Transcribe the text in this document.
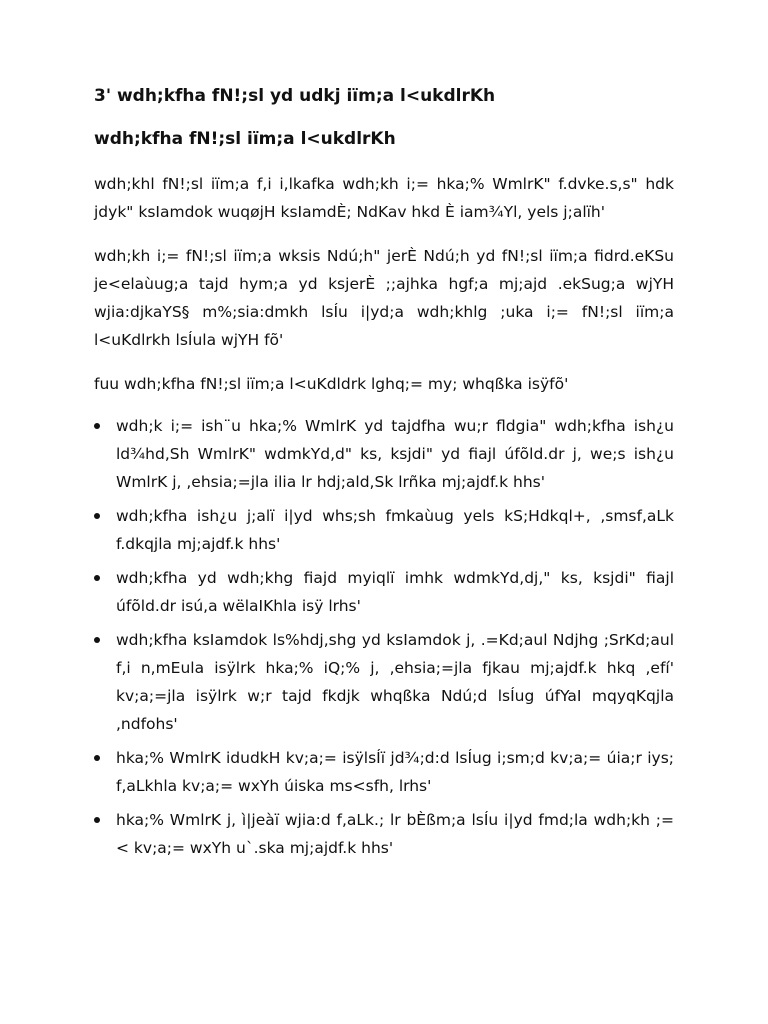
3' wdh;kfha fN!;sl yd udkj iïm;a l<ukdlrKh
wdh;kfha fN!;sl iïm;a l<ukdlrKh

wdh;khl fN!;sl iïm;a f,i i,lkafka wdh;kh i;= hka;% WmlrK" f.dvke.s,s" hdk jdyk" ksIamdok wuqøjH ksIamdÈ; NdKav hkd È iam¾Yl, yels j;alïh'

wdh;kh i;= fN!;sl iïm;a wksis Ndú;h" jerÈ Ndú;h yd fN!;sl iïm;a fidrd.eKSu je<elaùug;a tajd hym;a yd ksjerÈ ;;ajhka hgf;a mj;ajd .ekSug;a wjYH wjia:djkaYS§ m%;sia:dmkh lsÍu i|yd;a wdh;khlg ;uka i;= fN!;sl iïm;a l<uKdlrkh lsÍula wjYH fõ'

fuu wdh;kfha fN!;sl iïm;a l<uKdldrk lghq;= my; whqßka isÿfõ'

wdh;k i;= ish¨u hka;% WmlrK yd tajdfha wu;r fldgia" wdh;kfha ish¿u ld¾hd,Sh WmlrK" wdmkYd,d" ks, ksjdi" yd fiajl úfõld.dr j, we;s ish¿u WmlrK j, ,ehsia;=jla ilia lr hdj;ald,Sk lrñka mj;ajdf.k hhs'
wdh;kfha ish¿u j;alï i|yd whs;sh fmkaùug yels kS;Hdkql+, ,smsf,aLk f.dkqjla mj;ajdf.k hhs'
wdh;kfha yd wdh;khg fiajd myiqlï imhk wdmkYd,dj," ks, ksjdi" fiajl úfõld.dr isú,a wëlaIKhla isÿ lrhs'
wdh;kfha ksIamdok ls%hdj,shg yd ksIamdok j, .=Kd;aul Ndjhg ;SrKd;aul f,i n,mEula isÿlrk hka;% iQ;% j, ,ehsia;=jla fjkau mj;ajdf.k hkq ,efí' kv;a;=jla isÿlrk w;r tajd fkdjk whqßka Ndú;d lsÍug úfYaI mqyqKqjla ,ndfohs'
hka;% WmlrK idudkH kv;a;= isÿlsÍï jd¾;d:d lsÍug i;sm;d kv;a;= úia;r iys; f,aLkhla kv;a;= wxYh úiska ms<sfh, lrhs'
hka;% WmlrK j, ì|jeàï wjia:d f,aLk.; lr bÈßm;a lsÍu i|yd fmd;la wdh;kh ;=< kv;a;= wxYh u`.ska mj;ajdf.k hhs'
